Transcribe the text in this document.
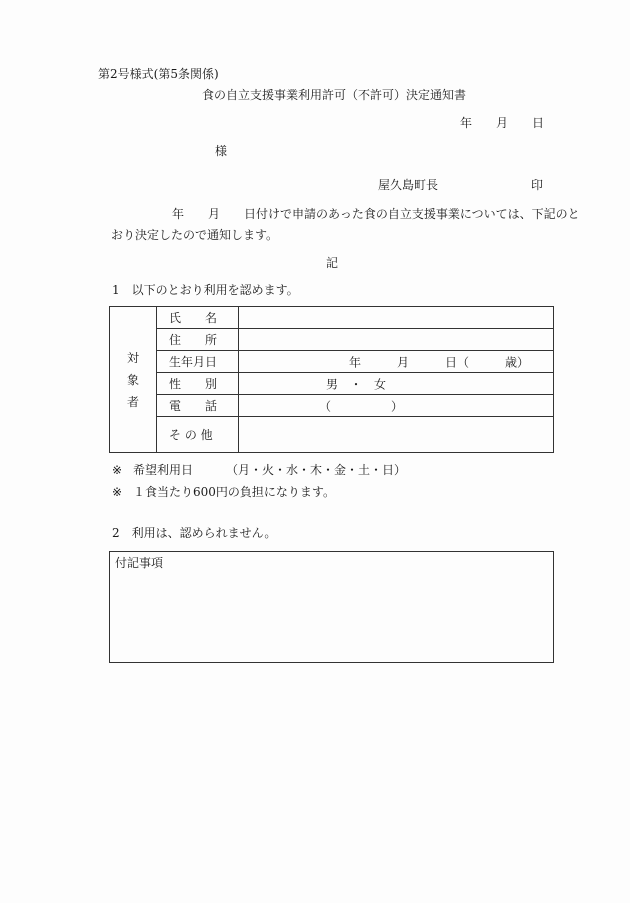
第2号様式(第5条関係)
食の自立支援事業利用許可（不許可）決定通知書
年　　月　　日
様
屋久島町長	印
年　　月　　日付けで申請のあった食の自立支援事業については、下記のと
おり決定したので通知します。
記
1　以下のとおり利用を認めます。
対
象
者	氏　　名	

	住　　所	

	生年月日	年　　　月　　　日（　　　歳）

	性　　別	男　・　女

	電　　話	（　　　　　）

	そ の 他	
※ 希望利用日	（月・火・水・木・金・土・日）
※ １食当たり600円の負担になります。
2　利用は、認められません。
付記事項
